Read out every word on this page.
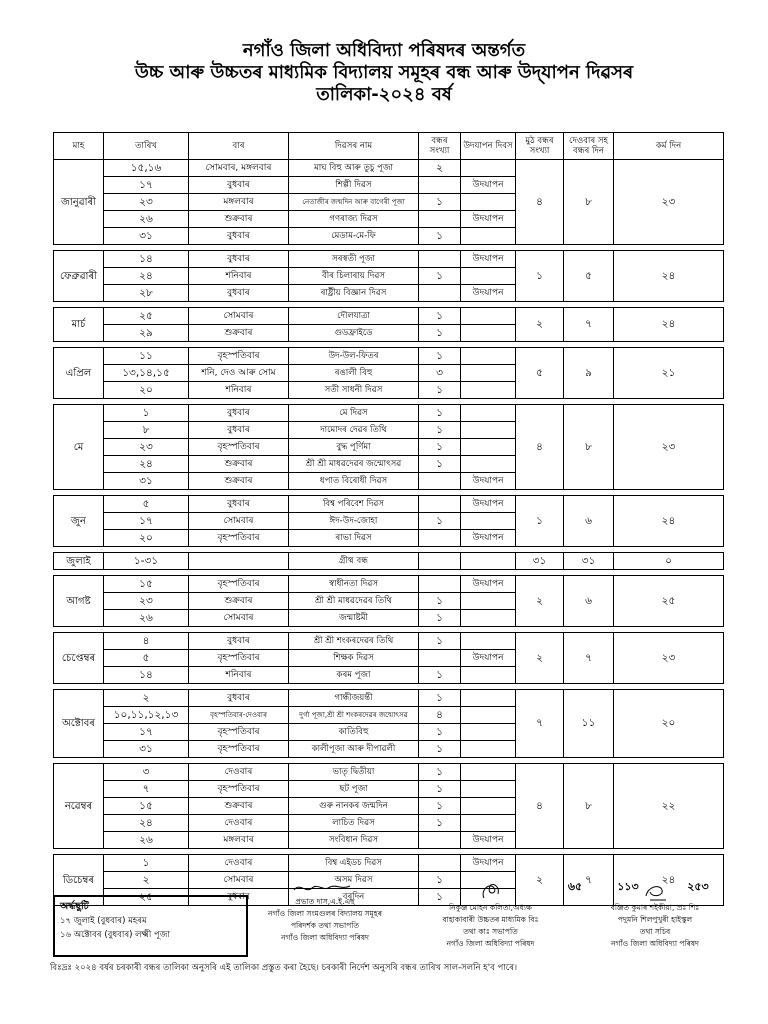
নগাঁও জিলা অধিবিদ্যা পৰিষদৰ অন্তৰ্গত
উচ্চ আৰু উচ্চতৰ মাধ্যমিক বিদ্যালয় সমূহৰ বন্ধ আৰু উদ্‌যাপন দিৱসৰ
তালিকা-২০২৪ বৰ্ষ
মাহ	তাৰিখ	বাৰ	দিৱসৰ নাম	বন্ধৰ সংখ্যা	উদযাপন দিবস	মুঠ বন্ধৰ সংখ্যা	দেওবাৰ সহ বন্ধৰ দিন	কৰ্ম দিন
জানুৱাৰী	১৫,১৬	সোমবাৰ, মঙ্গলবাৰ	মাঘ বিহু আৰু তুচু পূজা	২		৪	৮	২৩
	১৭	বুধবাৰ	শিল্পী দিৱস		উদযাপন			
	২৩	মঙ্গলবাৰ	নেতাজীৰ জন্মদিন আৰু বাগেৰী পূজা	১				
	২৬	শুক্ৰবাৰ	গণৰাজ্য দিৱস		উদযাপন			
	৩১	বুধবাৰ	মেডাম-মে-ফি	১				

ফেব্ৰুৱাৰী	১৪	বুধবাৰ	সৰস্বতী পূজা		উদযাপন	১	৫	২৪
	২৪	শনিবাৰ	বীৰ চিলাৰায় দিৱস	১				
	২৮	বুধবাৰ	ৰাষ্ট্ৰীয় বিজ্ঞান দিৱস		উদযাপন			

মাৰ্চ	২৫	সোমবাৰ	দৌলযাত্ৰা	১		২	৭	২৪
	২৯	শুক্ৰবাৰ	গুডফ্ৰাইডে	১				

এপ্ৰিল	১১	বৃহস্পতিবাৰ	উদ-উল-ফিতৰ	১		৫	৯	২১
	১৩,১৪,১৫	শনি, দেও আৰু সোম	ৰঙালী বিহু	৩				
	২০	শনিবাৰ	সতী সাধনী দিৱস	১				

মে	১	বুধবাৰ	মে দিৱস	১		৪	৮	২৩
	৮	বুধবাৰ	দামোদৰ দেৱৰ তিথি	১				
	২৩	বৃহস্পতিবাৰ	বুদ্ধ পূৰ্ণিমা	১				
	২৪	শুক্ৰবাৰ	শ্ৰী শ্ৰী মাধৱদেৱৰ জন্মোৎসৱ	১				
	৩১	শুক্ৰবাৰ	ধপাত বিৰোধী দিৱস		উদযাপন			

জুন	৫	বুধবাৰ	বিশ্ব পৰিবেশ দিৱস		উদযাপন	১	৬	২৪
	১৭	সোমবাৰ	ঈদ-উদ-জোহা	১				
	২০	বৃহস্পতিবাৰ	ৰাভা দিৱস		উদযাপন			

জুলাই	১-৩১		গ্ৰীষ্ম বন্ধ			৩১	৩১	০

আগষ্ট	১৫	বৃহস্পতিবাৰ	স্বাধীনতা দিৱস		উদযাপন	২	৬	২৫
	২৩	শুক্ৰবাৰ	শ্ৰী শ্ৰী মাধৱদেৱৰ তিথি	১				
	২৬	সোমবাৰ	জন্মাষ্টমী	১				

চেপ্তেম্বৰ	৪	বুধবাৰ	শ্ৰী শ্ৰী শংকৰদেৱৰ তিথি	১		২	৭	২৩
	৫	বৃহস্পতিবাৰ	শিক্ষক দিৱস		উদযাপন			
	১৪	শনিবাৰ	কৰম পূজা	১				

অক্টোবৰ	২	বুধবাৰ	গান্ধীজয়ন্তী	১		৭	১১	২০
	১০,১১,১২,১৩	বৃহস্পতিবাৰ-দেওবাৰ	দুৰ্গা পূজা,শ্ৰী শ্ৰী শংকৰদেৱৰ জন্মোৎসৱ	৪				
	১৭	বৃহস্পতিবাৰ	কাতিবিহু	১				
	৩১	বৃহস্পতিবাৰ	কালীপূজা আৰু দীপাৱলী	১				

নৱেম্বৰ	৩	দেওবাৰ	ভাতৃ দ্বিতীয়া	১		৪	৮	২২
	৭	বৃহস্পতিবাৰ	ছট পূজা	১				
	১৫	শুক্ৰবাৰ	গুৰু নানকৰ জন্মদিন	১				
	২৪	দেওবাৰ	লাচিত দিৱস	১				
	২৬	মঙ্গলবাৰ	সংবিধান দিৱস		উদযাপন			

ডিচেম্বৰ	১	দেওবাৰ	বিশ্ব এইডচ দিৱস		উদযাপন	২	৭	২৪
	২	সোমবাৰ	অসম দিৱস	১				
	২৫	বুধবাৰ	বৰদিন	১				
৬৫	১১৩	২৫৩
অৰ্দ্ধছুটি
১৭ জুলাই (বুধবাৰ) মহৰম
১৬ অক্টোবৰ (বুধবাৰ) লক্ষ্মী পূজা
প্ৰভাত দাস,এ.ই.এছ
নগাঁও জিলা সংমগুলৰ বিদ্যালয় সমূহৰ
পৰিদৰ্শক তথা সভাপতি
নগাঁও জিলা অধিবিদ্যা পৰিষদ
নিকুঞ্জ মোহন কলিতা,অধ্যক্ষ
বাহাকাবাৰী উচ্চতৰ মাধ্যমিক বিঃ
তথা কাঃ সভাপতি
নগাঁও জিলা অধিবিদ্যা পৰিষদ
বঞ্জিত কুমাৰ শইকীয়া, প্ৰঃ শিঃ
পদুমনি শিলপুখুৰী হাইস্কুল
তথা সচিব
নগাঁও জিলা অধিবিদ্যা পৰিষদ
বিঃদ্ৰঃ ২০২৪ বৰ্ষৰ চৰকাৰী বন্ধৰ তালিকা অনুসৰি এই তালিকা প্ৰস্তুত কৰা হৈছে। চৰকাৰী নিৰ্দেশ অনুসৰি বন্ধৰ তাৰিখ সাল-সলনি হ'ব পাৰে।
